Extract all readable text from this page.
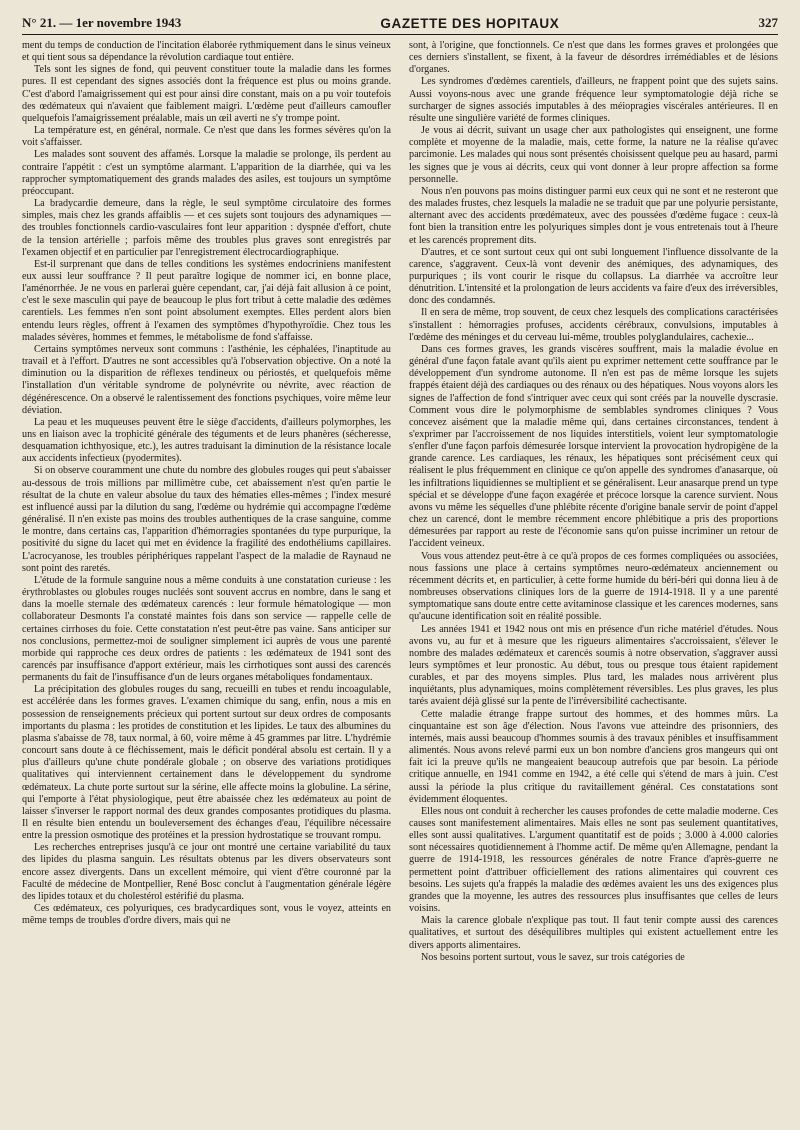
N° 21. — 1er novembre 1943	GAZETTE DES HOPITAUX	327

ment du temps de conduction de l'incitation élaborée rythmiquement dans le sinus veineux et qui tient sous sa dépendance la révolution cardiaque tout entière.

Tels sont les signes de fond, qui peuvent constituer toute la maladie dans les formes pures. Il est cependant des signes associés dont la fréquence est plus ou moins grande. C'est d'abord l'amaigrissement qui est pour ainsi dire constant, mais on a pu voir toutefois des œdémateux qui n'avaient que faiblement maigri. L'œdème peut d'ailleurs camoufler quelquefois l'amaigrissement préalable, mais un œil averti ne s'y trompe point.

La température est, en général, normale. Ce n'est que dans les formes sévères qu'on la voit s'affaisser.

Les malades sont souvent des affamés. Lorsque la maladie se prolonge, ils perdent au contraire l'appétit : c'est un symptôme alarmant. L'apparition de la diarrhée, qui va les rapprocher symptomatiquement des grands malades des asiles, est toujours un symptôme préoccupant.

La bradycardie demeure, dans la règle, le seul symptôme circulatoire des formes simples, mais chez les grands affaiblis — et ces sujets sont toujours des adynamiques — des troubles fonctionnels cardio-vasculaires font leur apparition : dyspnée d'effort, chute de la tension artérielle ; parfois même des troubles plus graves sont enregistrés par l'examen objectif et en particulier par l'enregistrement électrocardiographique.

Est-il surprenant que dans de telles conditions les systèmes endocriniens manifestent eux aussi leur souffrance ? Il peut paraître logique de nommer ici, en bonne place, l'aménorrhée. Je ne vous en parlerai guère cependant, car, j'ai déjà fait allusion à ce point, c'est le sexe masculin qui paye de beaucoup le plus fort tribut à cette maladie des œdèmes carentiels. Les femmes n'en sont point absolument exemptes. Elles perdent alors bien entendu leurs règles, offrent à l'examen des symptômes d'hypothyroïdie. Chez tous les malades sévères, hommes et femmes, le métabolisme de fond s'affaisse.

Certains symptômes nerveux sont communs : l'asthénie, les céphalées, l'inaptitude au travail et à l'effort. D'autres ne sont accessibles qu'à l'observation objective. On a noté la diminution ou la disparition de réflexes tendineux ou périostés, et quelquefois même l'installation d'un véritable syndrome de polynévrite ou névrite, avec réaction de dégénérescence. On a observé le ralentissement des fonctions psychiques, voire même leur déviation.

La peau et les muqueuses peuvent être le siège d'accidents, d'ailleurs polymorphes, les uns en liaison avec la trophicité générale des téguments et de leurs phanères (sécheresse, desquamation ichthyosique, etc.), les autres traduisant la diminution de la résistance locale aux accidents infectieux (pyodermites).

Si on observe couramment une chute du nombre des globules rouges qui peut s'abaisser au-dessous de trois millions par millimètre cube, cet abaissement n'est qu'en partie le résultat de la chute en valeur absolue du taux des hématies elles-mêmes ; l'index mesuré est influencé aussi par la dilution du sang, l'œdème ou hydrémie qui accompagne l'œdème généralisé. Il n'en existe pas moins des troubles authentiques de la crase sanguine, comme le montre, dans certains cas, l'apparition d'hémorragies spontanées du type purpurique, la positivité du signe du lacet qui met en évidence la fragilité des endothéliums capillaires. L'acrocyanose, les troubles périphériques rappelant l'aspect de la maladie de Raynaud ne sont point des raretés.

L'étude de la formule sanguine nous a même conduits à une constatation curieuse : les érythroblastes ou globules rouges nucléés sont souvent accrus en nombre, dans le sang et dans la moelle sternale des œdémateux carencés : leur formule hématologique — mon collaborateur Desmonts l'a constaté maintes fois dans son service — rappelle celle de certaines cirrhoses du foie. Cette constatation n'est peut-être pas vaine. Sans anticiper sur nos conclusions, permettez-moi de souligner simplement ici auprès de vous une parenté morbide qui rapproche ces deux ordres de patients : les œdémateux de 1941 sont des carencés par insuffisance d'apport extérieur, mais les cirrhotiques sont aussi des carencés permanents du fait de l'insuffisance d'un de leurs organes métaboliques fondamentaux.

La précipitation des globules rouges du sang, recueilli en tubes et rendu incoagulable, est accélérée dans les formes graves. L'examen chimique du sang, enfin, nous a mis en possession de renseignements précieux qui portent surtout sur deux ordres de composants importants du plasma : les protides de constitution et les lipides. Le taux des albumines du plasma s'abaisse de 78, taux normal, à 60, voire même à 45 grammes par litre. L'hydrémie concourt sans doute à ce fléchissement, mais le déficit pondéral absolu est certain. Il y a plus d'ailleurs qu'une chute pondérale globale ; on observe des variations protidiques qualitatives qui interviennent certainement dans le développement du syndrome œdémateux. La chute porte surtout sur la sérine, elle affecte moins la globuline. La sérine, qui l'emporte à l'état physiologique, peut être abaissée chez les œdémateux au point de laisser s'inverser le rapport normal des deux grandes composantes protidiques du plasma. Il en résulte bien entendu un bouleversement des échanges d'eau, l'équilibre nécessaire entre la pression osmotique des protéines et la pression hydrostatique se trouvant rompu.

Les recherches entreprises jusqu'à ce jour ont montré une certaine variabilité du taux des lipides du plasma sanguin. Les résultats obtenus par les divers observateurs sont encore assez divergents. Dans un excellent mémoire, qui vient d'être couronné par la Faculté de médecine de Montpellier, René Bosc conclut à l'augmentation générale légère des lipides totaux et du cholestérol estérifié du plasma.

Ces œdémateux, ces polyuriques, ces bradycardiques sont, vous le voyez, atteints en même temps de troubles d'ordre divers, mais qui ne

sont, à l'origine, que fonctionnels. Ce n'est que dans les formes graves et prolongées que ces derniers s'installent, se fixent, à la faveur de désordres irrémédiables et de lésions d'organes.

Les syndromes d'œdèmes carentiels, d'ailleurs, ne frappent point que des sujets sains. Aussi voyons-nous avec une grande fréquence leur symptomatologie déjà riche se surcharger de signes associés imputables à des méiopragies viscérales antérieures. Il en résulte une singulière variété de formes cliniques.

Je vous ai décrit, suivant un usage cher aux pathologistes qui enseignent, une forme complète et moyenne de la maladie, mais, cette forme, la nature ne la réalise qu'avec parcimonie. Les malades qui nous sont présentés choisissent quelque peu au hasard, parmi les signes que je vous ai décrits, ceux qui vont donner à leur propre affection sa forme personnelle.

Nous n'en pouvons pas moins distinguer parmi eux ceux qui ne sont et ne resteront que des malades frustes, chez lesquels la maladie ne se traduit que par une polyurie persistante, alternant avec des accidents prœdémateux, avec des poussées d'œdème fugace : ceux-là font bien la transition entre les polyuriques simples dont je vous entretenais tout à l'heure et les carencés proprement dits.

D'autres, et ce sont surtout ceux qui ont subi longuement l'influence dissolvante de la carence, s'aggravent. Ceux-là vont devenir des anémiques, des adynamiques, des purpuriques ; ils vont courir le risque du collapsus. La diarrhée va accroître leur dénutrition. L'intensité et la prolongation de leurs accidents va faire d'eux des irréversibles, donc des condamnés.

Il en sera de même, trop souvent, de ceux chez lesquels des complications caractérisées s'installent : hémorragies profuses, accidents cérébraux, convulsions, imputables à l'œdème des méninges et du cerveau lui-même, troubles polyglandulaires, cachexie...

Dans ces formes graves, les grands viscères souffrent, mais la maladie évolue en général d'une façon fatale avant qu'ils aient pu exprimer nettement cette souffrance par le développement d'un syndrome autonome. Il n'en est pas de même lorsque les sujets frappés étaient déjà des cardiaques ou des rénaux ou des hépatiques. Nous voyons alors les signes de l'affection de fond s'intriquer avec ceux qui sont créés par la nouvelle dyscrasie. Comment vous dire le polymorphisme de semblables syndromes cliniques ? Vous concevez aisément que la maladie même qui, dans certaines circonstances, tendent à s'exprimer par l'accroissement de nos liquides interstitiels, voient leur symptomatologie s'enfler d'une façon parfois démesurée lorsque intervient la provocation hydropigène de la grande carence. Les cardiaques, les rénaux, les hépatiques sont précisément ceux qui réalisent le plus fréquemment en clinique ce qu'on appelle des syndromes d'anasarque, où les infiltrations liquidiennes se multiplient et se généralisent. Leur anasarque prend un type spécial et se développe d'une façon exagérée et précoce lorsque la carence survient. Nous avons vu même les séquelles d'une phlébite récente d'origine banale servir de point d'appel chez un carencé, dont le membre récemment encore phlébitique a pris des proportions démesurées par rapport au reste de l'économie sans qu'on puisse incriminer un retour de l'accident veineux.

Vous vous attendez peut-être à ce qu'à propos de ces formes compliquées ou associées, nous fassions une place à certains symptômes neuro-œdémateux anciennement ou récemment décrits et, en particulier, à cette forme humide du béri-béri qui donna lieu à de nombreuses observations cliniques lors de la guerre de 1914-1918. Il y a une parenté symptomatique sans doute entre cette avitaminose classique et les carences modernes, sans qu'aucune identification soit en réalité possible.

Les années 1941 et 1942 nous ont mis en présence d'un riche matériel d'études. Nous avons vu, au fur et à mesure que les rigueurs alimentaires s'accroissaient, s'élever le nombre des malades œdémateux et carencés soumis à notre observation, s'aggraver aussi leurs symptômes et leur pronostic. Au début, tous ou presque tous étaient rapidement curables, et par des moyens simples. Plus tard, les malades nous arrivèrent plus inquiétants, plus adynamiques, moins complètement réversibles. Les plus graves, les plus tarés avaient déjà glissé sur la pente de l'irréversibilité cachectisante.

Cette maladie étrange frappe surtout des hommes, et des hommes mûrs. La cinquantaine est son âge d'élection. Nous l'avons vue atteindre des prisonniers, des internés, mais aussi beaucoup d'hommes soumis à des travaux pénibles et insuffisamment alimentés. Nous avons relevé parmi eux un bon nombre d'anciens gros mangeurs qui ont fait ici la preuve qu'ils ne mangeaient beaucoup autrefois que par besoin. La période critique annuelle, en 1941 comme en 1942, a été celle qui s'étend de mars à juin. C'est aussi la période la plus critique du ravitaillement général. Ces constatations sont évidemment éloquentes.

Elles nous ont conduit à rechercher les causes profondes de cette maladie moderne. Ces causes sont manifestement alimentaires. Mais elles ne sont pas seulement quantitatives, elles sont aussi qualitatives. L'argument quantitatif est de poids ; 3.000 à 4.000 calories sont nécessaires quotidiennement à l'homme actif. De même qu'en Allemagne, pendant la guerre de 1914-1918, les ressources générales de notre France d'après-guerre ne permettent point d'attribuer officiellement des rations alimentaires qui couvrent ces besoins. Les sujets qu'a frappés la maladie des œdèmes avaient les uns des exigences plus grandes que la moyenne, les autres des ressources plus insuffisantes que celles de leurs voisins.

Mais la carence globale n'explique pas tout. Il faut tenir compte aussi des carences qualitatives, et surtout des déséquilibres multiples qui existent actuellement entre les divers apports alimentaires.

Nos besoins portent surtout, vous le savez, sur trois catégories de
